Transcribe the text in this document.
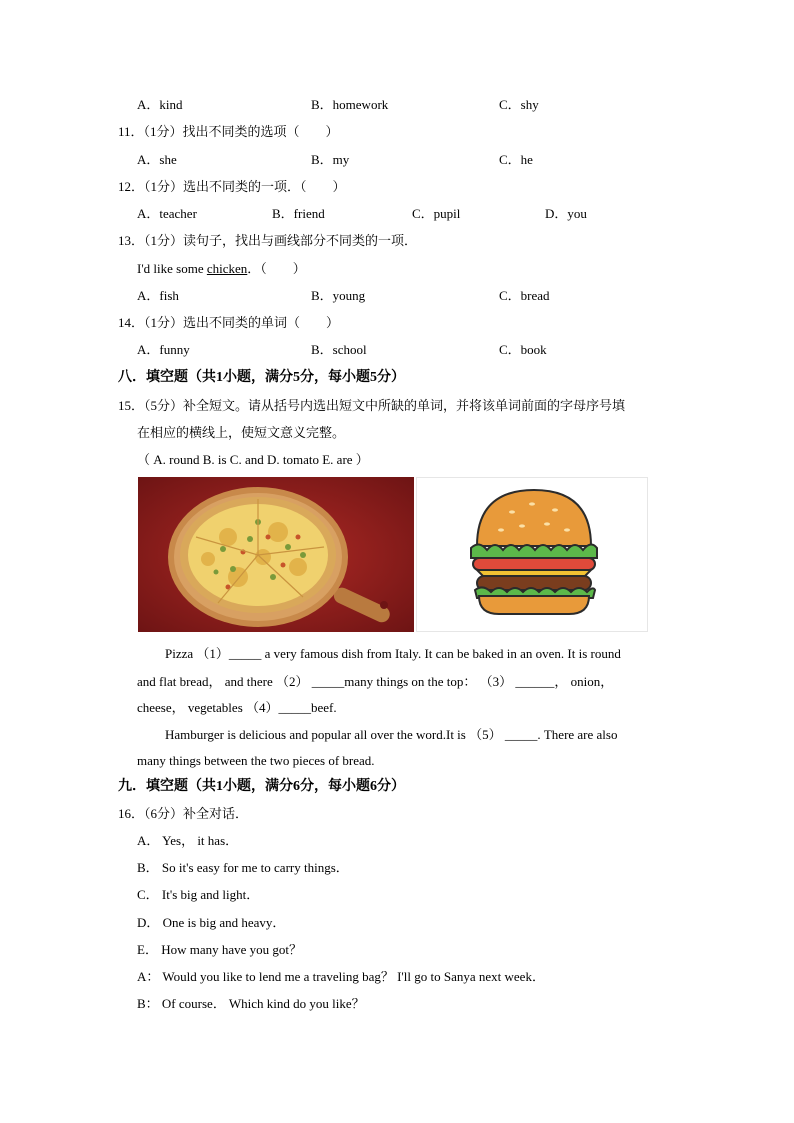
A．kind	B．homework	C．shy
11．（1分）找出不同类的选项（　　）
A．she	B．my	C．he
12．（1分）选出不同类的一项．（　　）
A．teacher	B．friend	C．pupil	D．you
13．（1分）读句子，找出与画线部分不同类的一项．
I'd like some chicken．（　　）
A．fish	B．young	C．bread
14．（1分）选出不同类的单词（　　）
A．funny	B．school	C．book
八．填空题（共1小题，满分5分，每小题5分）
15．（5分）补全短文。请从括号内选出短文中所缺的单词，并将该单词前面的字母序号填
在相应的横线上，使短文意义完整。
（ A. round B. is C. and D. tomato E. are ）
Pizza （1）_____ a very famous dish from Italy. It can be baked in an oven. It is round
and flat bread， and there （2） _____many things on the top： （3） ______， onion，
cheese， vegetables （4）_____beef.
Hamburger is delicious and popular all over the word.It is （5） _____. There are also
many things between the two pieces of bread.
九．填空题（共1小题，满分6分，每小题6分）
16．（6分）补全对话．
A． Yes， it has．
B． So it's easy for me to carry things．
C． It's big and light．
D． One is big and heavy．
E． How many have you got？
A： Would you like to lend me a traveling bag？ I'll go to Sanya next week．
B： Of course． Which kind do you like？
